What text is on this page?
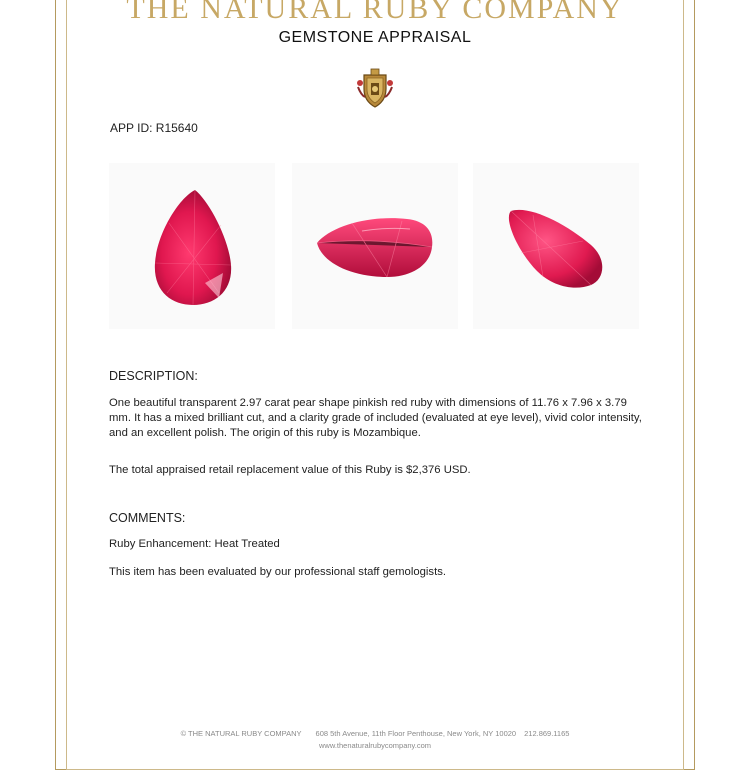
THE NATURAL RUBY COMPANY
GEMSTONE APPRAISAL
APP ID: R15640
DESCRIPTION:
One beautiful transparent 2.97 carat pear shape pinkish red ruby with dimensions of 11.76 x 7.96 x 3.79 mm. It has a mixed brilliant cut, and a clarity grade of included (evaluated at eye level), vivid color intensity, and an excellent polish. The origin of this ruby is Mozambique.
The total appraised retail replacement value of this Ruby is $2,376 USD.
COMMENTS:
Ruby Enhancement: Heat Treated
This item has been evaluated by our professional staff gemologists.
© THE NATURAL RUBY COMPANY 608 5th Avenue, 11th Floor Penthouse, New York, NY 10020 212.869.1165
www.thenaturalrubycompany.com
